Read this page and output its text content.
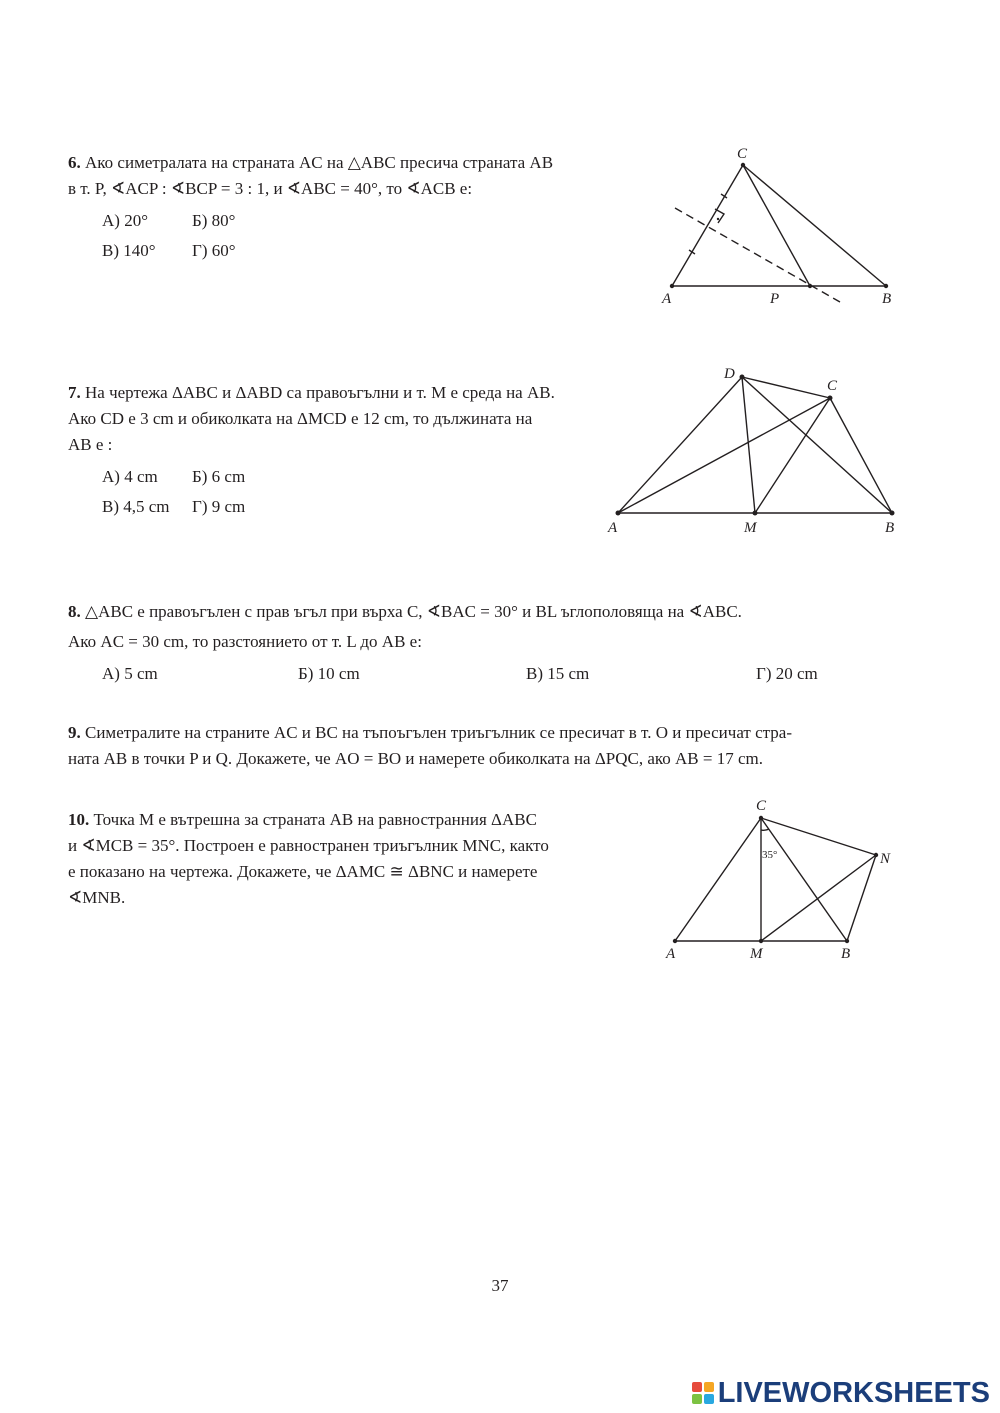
6. Ако симетралата на страната AC на △ABC пресича страната AB

в т. P, ∢ACP : ∢BCP = 3 : 1, и ∢ABC = 40°, то ∢ACB е:

А) 20°	Б) 80°
В) 140° Г) 60°
C
A	P	B

7. На чертежа ΔABC и ΔABD са правоъгълни и т. M е среда на AB.

Ако CD е 3 cm и обиколката на ΔMCD е 12 cm, то дължината на

AB е :

А) 4 cm Б) 6 cm
В) 4,5 cm Г) 9 cm
D
C
A	M	B

8. △ABC е правоъгълен с прав ъгъл при върха C, ∢BAC = 30° и BL ъглополовяща на ∢ABC.

Ако AC = 30 cm, то разстоянието от т. L до AB е:

А) 5 cm	Б) 10 cm	В) 15 cm	Г) 20 cm

9. Симетралите на страните AC и BC на тъпоъгълен триъгълник се пресичат в т. O и пресичат стра-

ната AB в точки P и Q. Докажете, че AO = BO и намерете обиколката на ΔPQC, ако AB = 17 cm.

10. Точка М е вътрешна за страната AB на равностранния ΔABC

и ∢MCB = 35°. Построен е равностранен триъгълник MNC, както

е показано на чертежа. Докажете, че ΔAMC ≅ ΔBNC и намерете

∢MNB.

C
N
A	M	B
35°
37
LIVEWORKSHEETS
